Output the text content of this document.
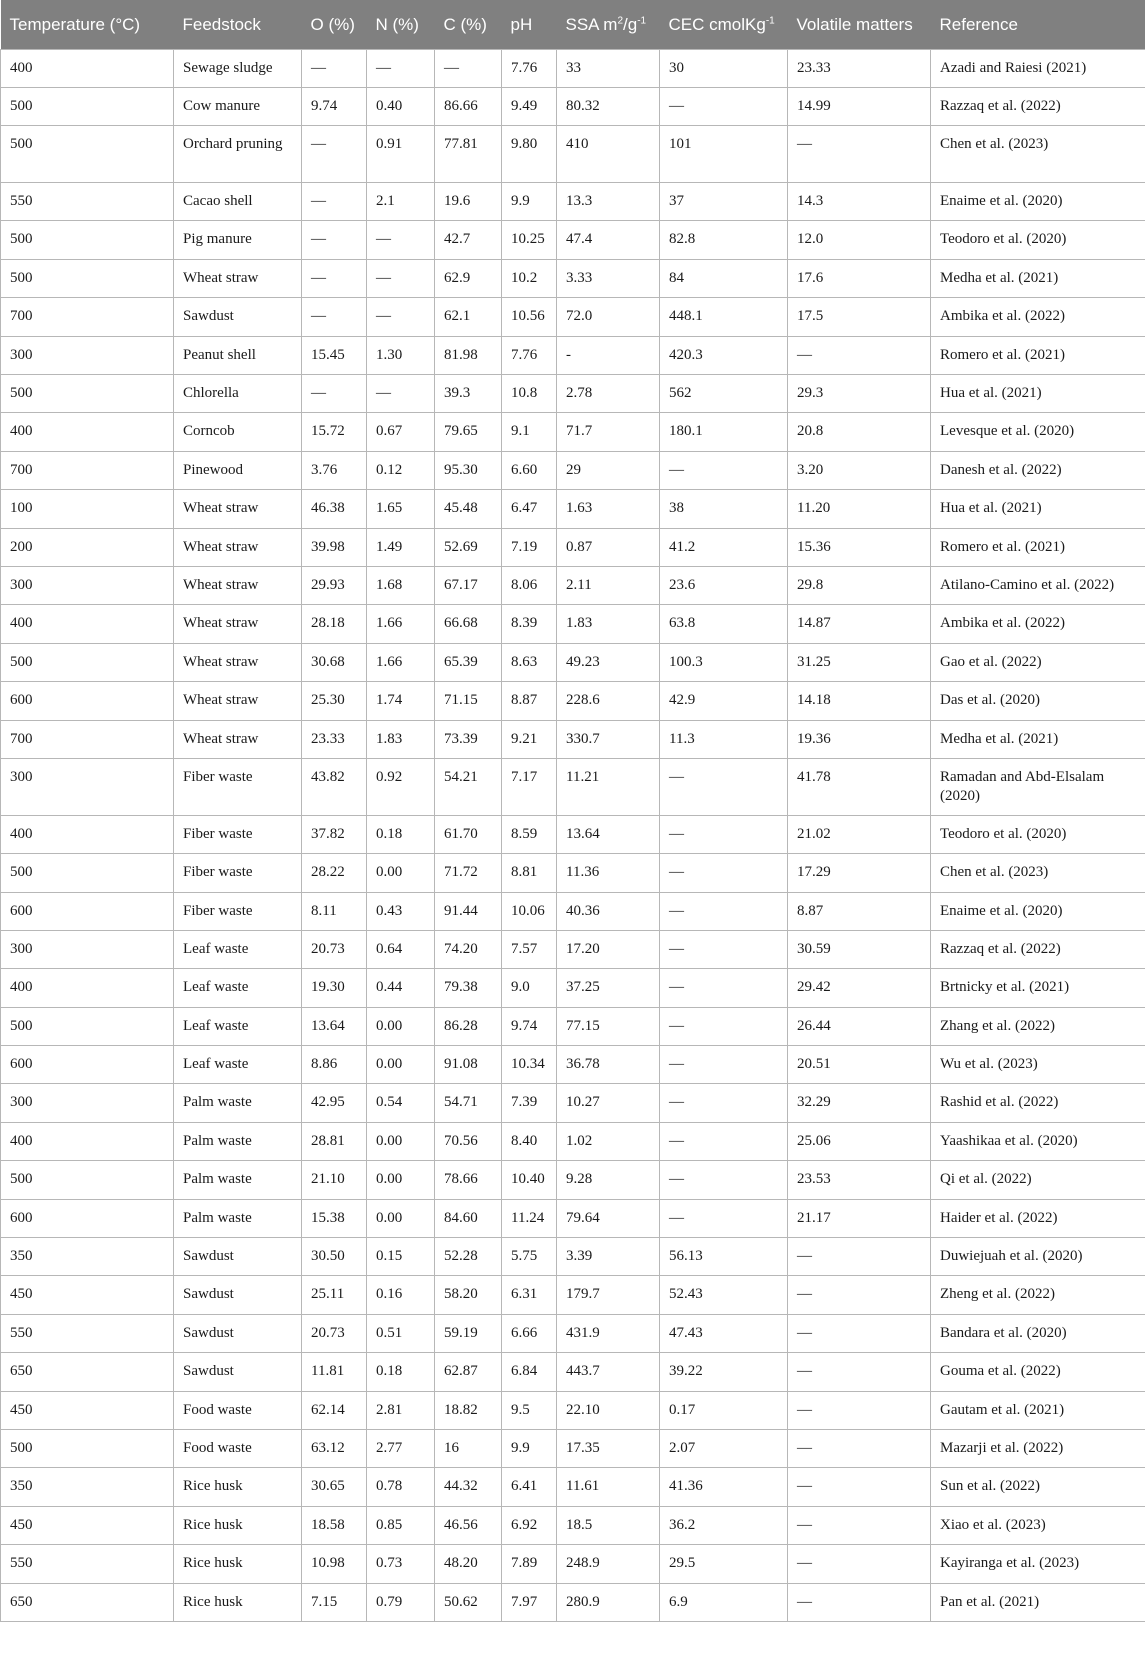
Temperature (°C)	Feedstock	O (%)	N (%)	C (%)	pH	SSA $m^2/g^{-1}$	CEC cmolKg$^{-1}$	Volatile matters	Reference
400	Sewage sludge	—	—	—	7.76	33	30	23.33	Azadi and Raiesi (2021)
500	Cow manure	9.74	0.40	86.66	9.49	80.32	—	14.99	Razzaq et al. (2022)
500	Orchard pruning	—	0.91	77.81	9.80	410	101	—	Chen et al. (2023)
550	Cacao shell	—	2.1	19.6	9.9	13.3	37	14.3	Enaime et al. (2020)
500	Pig manure	—	—	42.7	10.25	47.4	82.8	12.0	Teodoro et al. (2020)
500	Wheat straw	—	—	62.9	10.2	3.33	84	17.6	Medha et al. (2021)
700	Sawdust	—	—	62.1	10.56	72.0	448.1	17.5	Ambika et al. (2022)
300	Peanut shell	15.45	1.30	81.98	7.76	-	420.3	—	Romero et al. (2021)
500	Chlorella	—	—	39.3	10.8	2.78	562	29.3	Hua et al. (2021)
400	Corncob	15.72	0.67	79.65	9.1	71.7	180.1	20.8	Levesque et al. (2020)
700	Pinewood	3.76	0.12	95.30	6.60	29	—	3.20	Danesh et al. (2022)
100	Wheat straw	46.38	1.65	45.48	6.47	1.63	38	11.20	Hua et al. (2021)
200	Wheat straw	39.98	1.49	52.69	7.19	0.87	41.2	15.36	Romero et al. (2021)
300	Wheat straw	29.93	1.68	67.17	8.06	2.11	23.6	29.8	Atilano-Camino et al. (2022)
400	Wheat straw	28.18	1.66	66.68	8.39	1.83	63.8	14.87	Ambika et al. (2022)
500	Wheat straw	30.68	1.66	65.39	8.63	49.23	100.3	31.25	Gao et al. (2022)
600	Wheat straw	25.30	1.74	71.15	8.87	228.6	42.9	14.18	Das et al. (2020)
700	Wheat straw	23.33	1.83	73.39	9.21	330.7	11.3	19.36	Medha et al. (2021)
300	Fiber waste	43.82	0.92	54.21	7.17	11.21	—	41.78	Ramadan and Abd-Elsalam (2020)
400	Fiber waste	37.82	0.18	61.70	8.59	13.64	—	21.02	Teodoro et al. (2020)
500	Fiber waste	28.22	0.00	71.72	8.81	11.36	—	17.29	Chen et al. (2023)
600	Fiber waste	8.11	0.43	91.44	10.06	40.36	—	8.87	Enaime et al. (2020)
300	Leaf waste	20.73	0.64	74.20	7.57	17.20	—	30.59	Razzaq et al. (2022)
400	Leaf waste	19.30	0.44	79.38	9.0	37.25	—	29.42	Brtnicky et al. (2021)
500	Leaf waste	13.64	0.00	86.28	9.74	77.15	—	26.44	Zhang et al. (2022)
600	Leaf waste	8.86	0.00	91.08	10.34	36.78	—	20.51	Wu et al. (2023)
300	Palm waste	42.95	0.54	54.71	7.39	10.27	—	32.29	Rashid et al. (2022)
400	Palm waste	28.81	0.00	70.56	8.40	1.02	—	25.06	Yaashikaa et al. (2020)
500	Palm waste	21.10	0.00	78.66	10.40	9.28	—	23.53	Qi et al. (2022)
600	Palm waste	15.38	0.00	84.60	11.24	79.64	—	21.17	Haider et al. (2022)
350	Sawdust	30.50	0.15	52.28	5.75	3.39	56.13	—	Duwiejuah et al. (2020)
450	Sawdust	25.11	0.16	58.20	6.31	179.7	52.43	—	Zheng et al. (2022)
550	Sawdust	20.73	0.51	59.19	6.66	431.9	47.43	—	Bandara et al. (2020)
650	Sawdust	11.81	0.18	62.87	6.84	443.7	39.22	—	Gouma et al. (2022)
450	Food waste	62.14	2.81	18.82	9.5	22.10	0.17	—	Gautam et al. (2021)
500	Food waste	63.12	2.77	16	9.9	17.35	2.07	—	Mazarji et al. (2022)
350	Rice husk	30.65	0.78	44.32	6.41	11.61	41.36	—	Sun et al. (2022)
450	Rice husk	18.58	0.85	46.56	6.92	18.5	36.2	—	Xiao et al. (2023)
550	Rice husk	10.98	0.73	48.20	7.89	248.9	29.5	—	Kayiranga et al. (2023)
650	Rice husk	7.15	0.79	50.62	7.97	280.9	6.9	—	Pan et al. (2021)
